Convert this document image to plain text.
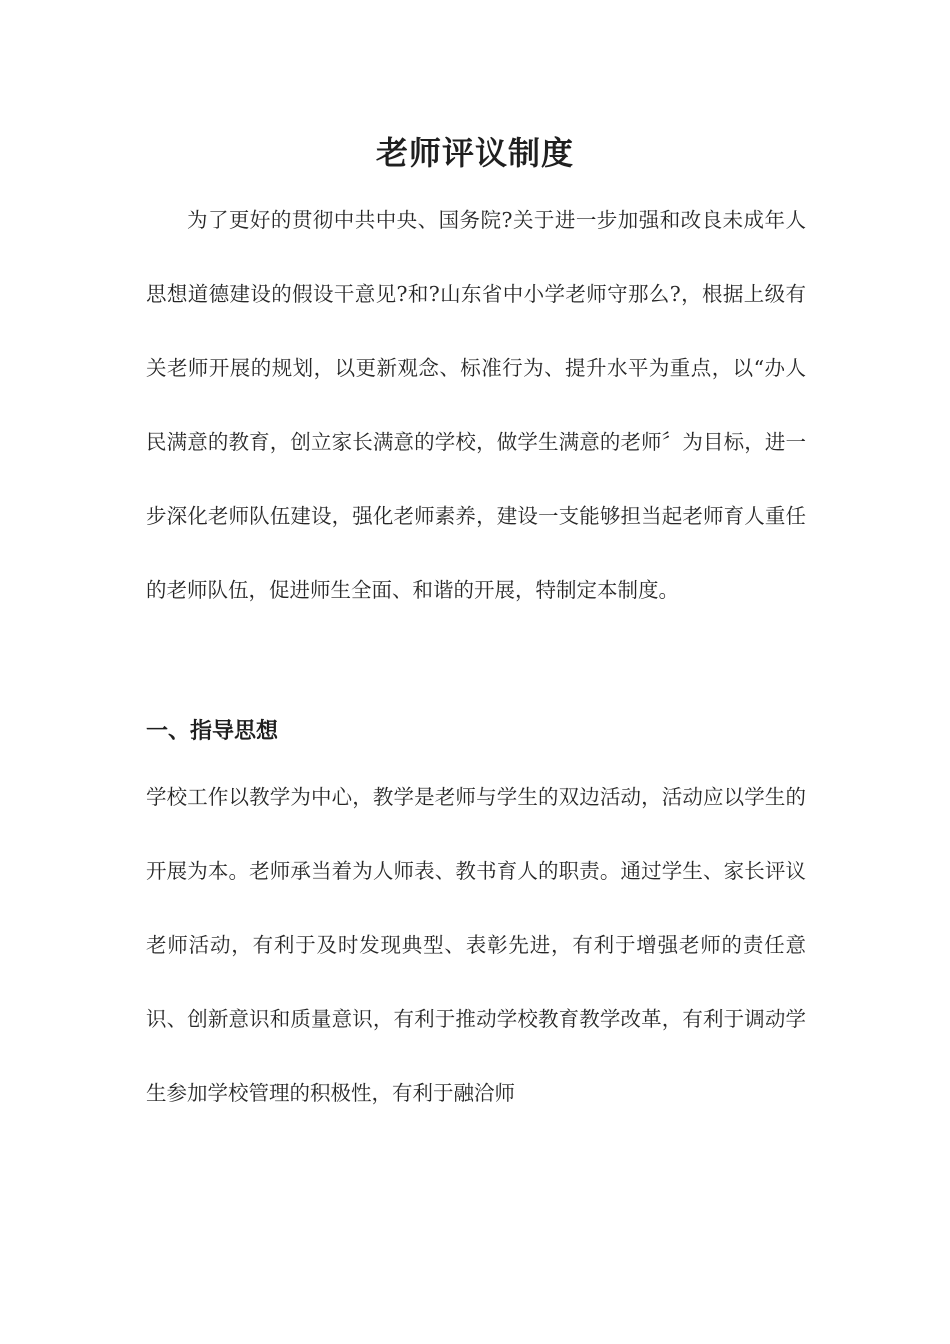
老师评议制度
为了更好的贯彻中共中央、国务院?关于进一步加强和改良未成年人思想道德建设的假设干意见?和?山东省中小学老师守那么?，根据上级有关老师开展的规划，以更新观念、标准行为、提升水平为重点，以“办人民满意的教育，创立家长满意的学校，做学生满意的老师〞为目标，进一步深化老师队伍建设，强化老师素养，建设一支能够担当起老师育人重任的老师队伍，促进师生全面、和谐的开展，特制定本制度。
一、指导思想
学校工作以教学为中心，教学是老师与学生的双边活动，活动应以学生的开展为本。老师承当着为人师表、教书育人的职责。通过学生、家长评议老师活动，有利于及时发现典型、表彰先进，有利于增强老师的责任意识、创新意识和质量意识，有利于推动学校教育教学改革，有利于调动学生参加学校管理的积极性，有利于融洽师
